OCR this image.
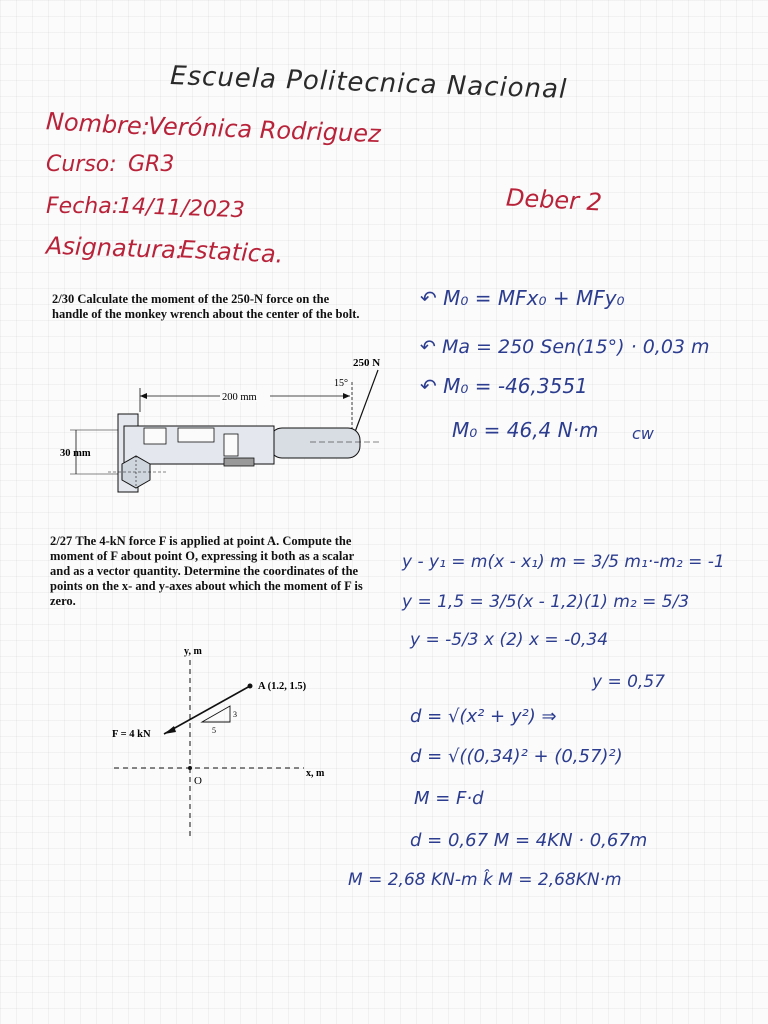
Escuela Politecnica Nacional
Nombre:
Verónica Rodriguez
Curso: GR3
Fecha:
14/11/2023
Asignatura:
Estatica.
Deber 2
2/30 Calculate the moment of the 250-N force on the
handle of the monkey wrench about the center of the bolt.
250 N
15°
200 mm
30 mm
↶ M₀ = MFx₀ + MFy₀
↶ Ma = 250 Sen(15°) · 0,03 m
↶ M₀ = -46,3551
M₀ = 46,4 N·m cw
2/27 The 4-kN force F is applied at point A. Compute the
moment of F about point O, expressing it both as a scalar
and as a vector quantity. Determine the coordinates of the
points on the x- and y-axes about which the moment of F is
zero.
y, m
x, m
O
A (1.2, 1.5)
F = 4 kN
3
5
y - y₁ = m(x - x₁) m = 3/5 m₁·-m₂ = -1
y = 1,5 = 3/5(x - 1,2)(1) m₂ = 5/3
y = -5/3 x (2) x = -0,34
y = 0,57
d = √(x² + y²) ⇒
d = √((0,34)² + (0,57)²)
M = F·d
d = 0,67 M = 4KN · 0,67m
M = 2,68 KN-m k̂ M = 2,68KN·m
